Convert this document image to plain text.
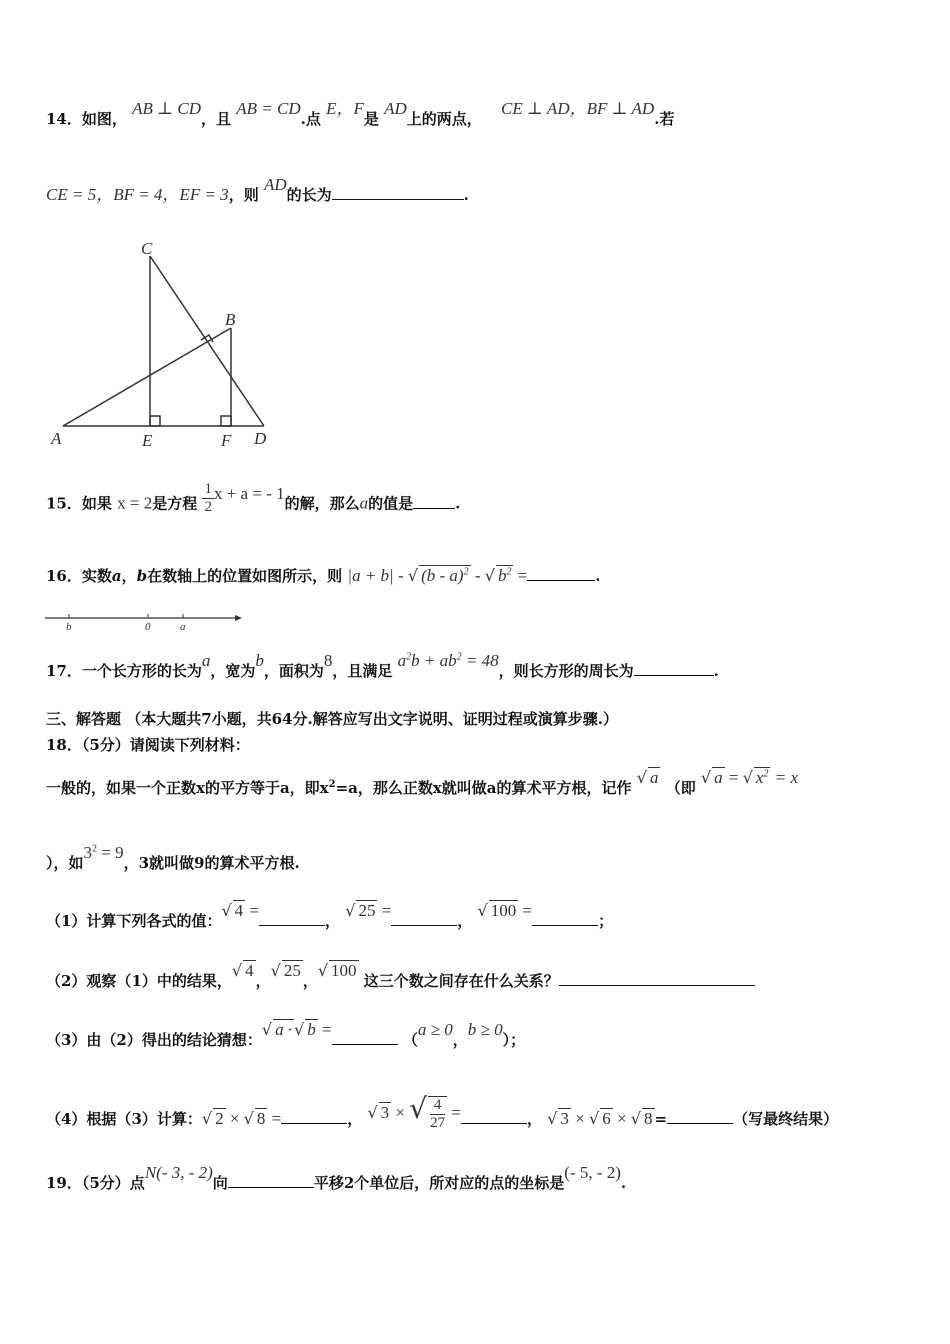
14．如图， AB ⊥ CD，且 AB = CD.点 E，F是 AD上的两点， CE ⊥ AD，BF ⊥ AD.若
CE = 5，BF = 4，EF = 3，则 AD的长为	.
C
B
A	E	F D
15．如果 x = 2是方程 $\frac{1}{2}$ x + a = - 1的解，那么a的值是	.
16．实数a，b在数轴上的位置如图所示，则 |a + b| - √ (b - a)$^2$ - √ $b^2$ =	.
b	0	a
17．一个长方形的长为a，宽为b，面积为8，且满足 $a^2b + ab^2 = 48$，则长方形的周长为	.
三、解答题 （本大题共7小题，共64分.解答应写出文字说明、证明过程或演算步骤.）
18．（5分）请阅读下列材料：
一般的，如果一个正数x的平方等于a，即$x^2=a$，那么正数x就叫做a的算术平方根，记作 √ a （即 √ a = √ $x^2 = x$
），如$3^2 = 9$，3就叫做9的算术平方根.
（1）计算下列各式的值：√ 4 =， √ 25 =， √ 100 =；
（2）观察（1）中的结果，√ 4，√ 25，√ 100 这三个数之间存在什么关系？
（3）由（2）得出的结论猜想：√ a ·√ b = （a ≥ 0，b ≥ 0）；
（4）根据（3）计算：√ 2 × √ 8 =	， √ 3 × √ $\frac{4}{27}$ =	， √ 3 × √ 6 × √ 8 =	（写最终结果）
19．（5分）点N(- 3, - 2)向	平移2个单位后，所对应的点的坐标是(- 5, - 2).
